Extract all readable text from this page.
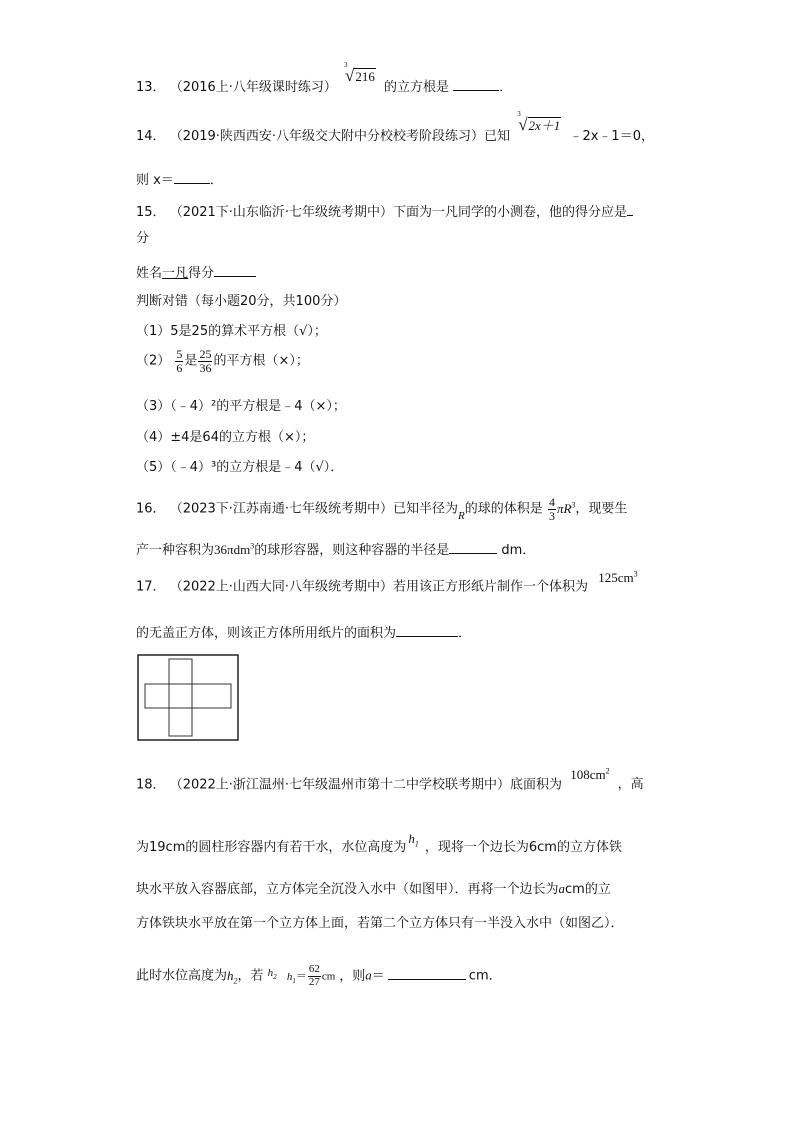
13． （2016上·八年级课时练习）
3
√216 的立方根是	．
14． （2019·陕西西安·八年级交大附中分校校考阶段练习）已知
3
√2x＋1 ﹣2x﹣1＝0，
则 x＝	．
15． （2021下·山东临沂·七年级统考期中）下面为一凡同学的小测卷，他的得分应是
分
姓名一凡得分
判断对错（每小题20分，共100分）
（1）5是25的算术平方根（√）；
$(2) \frac{5}{6}$ 是 $\frac{25}{36}$ 的平方根（×）；
（3）（﹣4）²的平方根是﹣4（×）；
（4）±4是64的立方根（×）；
（5）（﹣4）³的立方根是﹣4（√）．
16． （2023下·江苏南通·七年级统考期中）已知半径为$_R$的球的体积是 $\frac{4}{3} \pi R^3$，现要生
产一种容积为36πdm$^3$的球形容器，则这种容器的半径是	dm．
17． （2022上·山西大同·八年级统考期中）若用该正方形纸片制作一个体积为 $125cm^3$
的无盖正方体，则该正方体所用纸片的面积为	．
18． （2022上·浙江温州·七年级温州市第十二中学校联考期中）底面积为 $108cm^2$，高
为19cm的圆柱形容器内有若干水，水位高度为$h_1$ ，现将一个边长为6cm的立方体铁
块水平放入容器底部，立方体完全沉没入水中（如图甲）．再将一个边长为acm的立
方体铁块水平放在第一个立方体上面，若第二个立方体只有一半没入水中（如图乙）．
此时水位高度为$h_2$，若 $^{h_2}$ $h_1= \frac{62}{27}$ cm ，则a＝	cm．
